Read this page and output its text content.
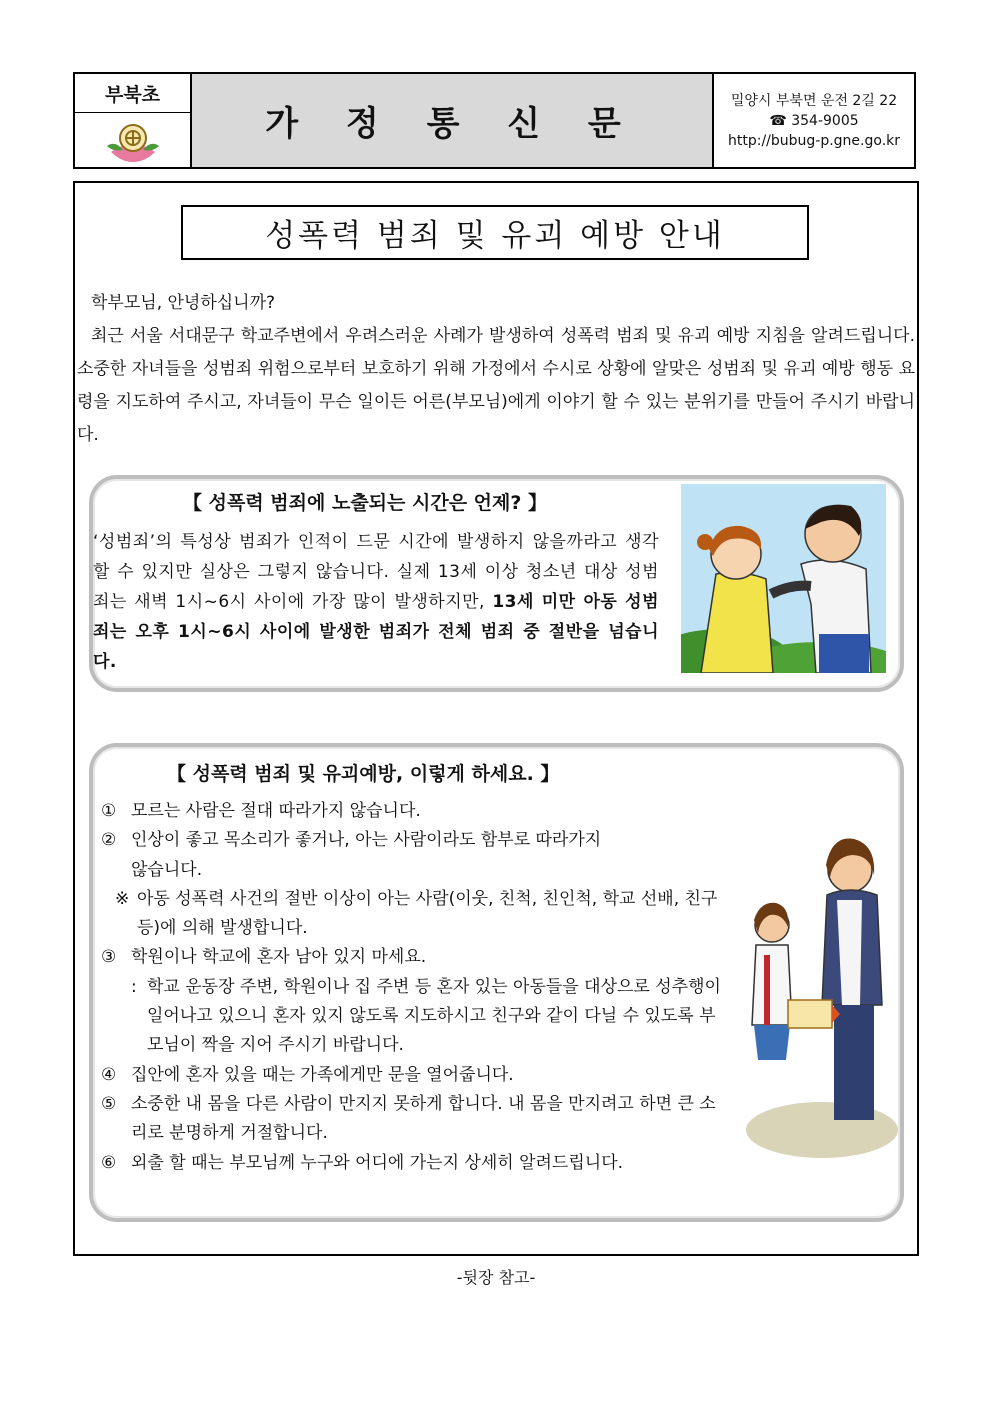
부북초
가 정 통 신 문
밀양시 부북면 운전 2길 22
☎ 354-9005
http://bubug-p.gne.go.kr
성폭력 범죄 및 유괴 예방 안내

학부모님, 안녕하십니까?

최근 서울 서대문구 학교주변에서 우려스러운 사례가 발생하여 성폭력 범죄 및 유괴 예방 지침을 알려드립니다. 소중한 자녀들을 성범죄 위험으로부터 보호하기 위해 가정에서 수시로 상황에 알맞은 성범죄 및 유괴 예방 행동 요령을 지도하여 주시고, 자녀들이 무슨 일이든 어른(부모님)에게 이야기 할 수 있는 분위기를 만들어 주시기 바랍니다.

【 성폭력 범죄에 노출되는 시간은 언제? 】
‘성범죄’의 특성상 범죄가 인적이 드문 시간에 발생하지 않을까라고 생각할 수 있지만 실상은 그렇지 않습니다. 실제 13세 이상 청소년 대상 성범죄는 새벽 1시~6시 사이에 가장 많이 발생하지만, 13세 미만 아동 성범죄는 오후 1시~6시 사이에 발생한 범죄가 전체 범죄 중 절반을 넘습니다.
【 성폭력 범죄 및 유괴예방, 이렇게 하세요. 】
① 모르는 사람은 절대 따라가지 않습니다.
② 인상이 좋고 목소리가 좋거나, 아는 사람이라도 함부로 따라가지
않습니다.
※ 아동 성폭력 사건의 절반 이상이 아는 사람(이웃, 친척, 친인척, 학교 선배, 친구 등)에 의해 발생합니다.
③ 학원이나 학교에 혼자 남아 있지 마세요.
: 학교 운동장 주변, 학원이나 집 주변 등 혼자 있는 아동들을 대상으로 성추행이 일어나고 있으니 혼자 있지 않도록 지도하시고 친구와 같이 다닐 수 있도록 부모님이 짝을 지어 주시기 바랍니다.
④ 집안에 혼자 있을 때는 가족에게만 문을 열어줍니다.
⑤ 소중한 내 몸을 다른 사람이 만지지 못하게 합니다. 내 몸을 만지려고 하면 큰 소리로 분명하게 거절합니다.
⑥ 외출 할 때는 부모님께 누구와 어디에 가는지 상세히 알려드립니다.
-뒷장 참고-
